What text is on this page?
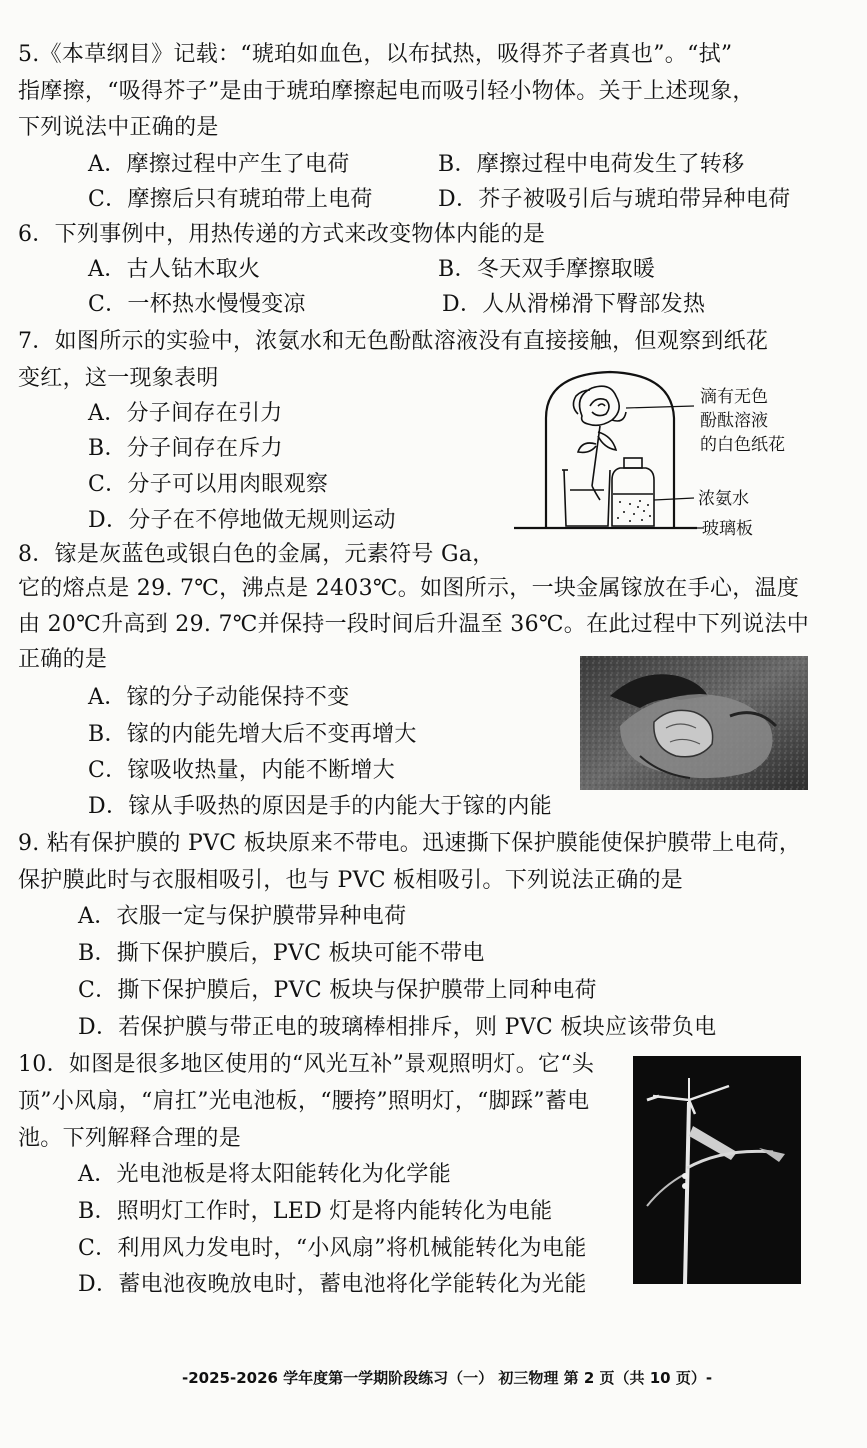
5.《本草纲目》记载：“琥珀如血色，以布拭热，吸得芥子者真也”。“拭”
指摩擦，“吸得芥子”是由于琥珀摩擦起电而吸引轻小物体。关于上述现象，
下列说法中正确的是
A．摩擦过程中产生了电荷	B．摩擦过程中电荷发生了转移
C．摩擦后只有琥珀带上电荷	D．芥子被吸引后与琥珀带异种电荷
6．下列事例中，用热传递的方式来改变物体内能的是
A．古人钻木取火	B．冬天双手摩擦取暖
C．一杯热水慢慢变凉	D．人从滑梯滑下臀部发热
7．如图所示的实验中，浓氨水和无色酚酞溶液没有直接接触，但观察到纸花
变红，这一现象表明
A．分子间存在引力
B．分子间存在斥力
C．分子可以用肉眼观察
D．分子在不停地做无规则运动
滴有无色
酚酞溶液
的白色纸花
浓氨水
玻璃板
8．镓是灰蓝色或银白色的金属，元素符号 Ga，
它的熔点是 29. 7℃，沸点是 2403℃。如图所示，一块金属镓放在手心，温度
由 20℃升高到 29. 7℃并保持一段时间后升温至 36℃。在此过程中下列说法中
正确的是
A．镓的分子动能保持不变
B．镓的内能先增大后不变再增大
C．镓吸收热量，内能不断增大
D．镓从手吸热的原因是手的内能大于镓的内能
9. 粘有保护膜的 PVC 板块原来不带电。迅速撕下保护膜能使保护膜带上电荷，
保护膜此时与衣服相吸引，也与 PVC 板相吸引。下列说法正确的是
A．衣服一定与保护膜带异种电荷
B．撕下保护膜后，PVC 板块可能不带电
C．撕下保护膜后，PVC 板块与保护膜带上同种电荷
D．若保护膜与带正电的玻璃棒相排斥，则 PVC 板块应该带负电
10．如图是很多地区使用的“风光互补”景观照明灯。它“头
顶”小风扇，“肩扛”光电池板，“腰挎”照明灯，“脚踩”蓄电
池。下列解释合理的是
A．光电池板是将太阳能转化为化学能
B．照明灯工作时，LED 灯是将内能转化为电能
C．利用风力发电时，“小风扇”将机械能转化为电能
D．蓄电池夜晚放电时，蓄电池将化学能转化为光能
-2025-2026 学年度第一学期阶段练习（一） 初三物理 第 2 页（共 10 页）-
